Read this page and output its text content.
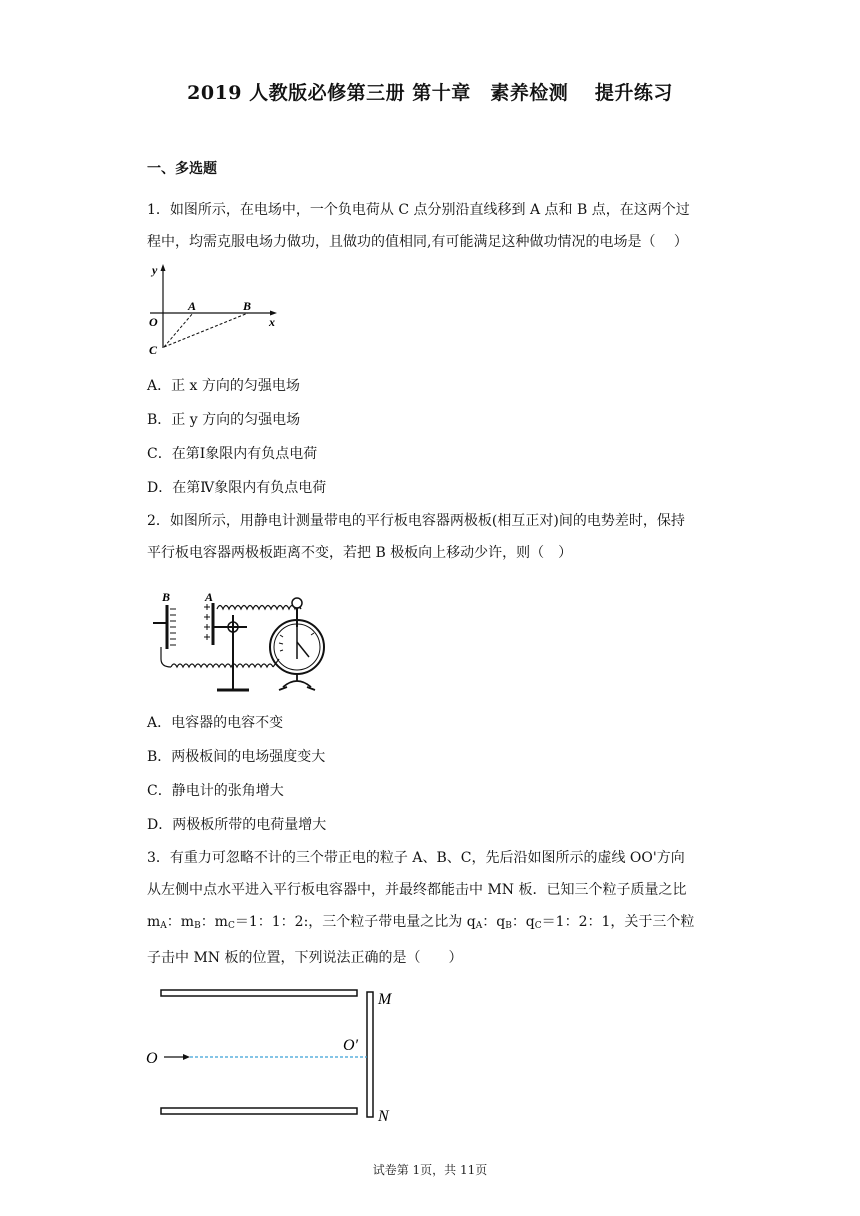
2019 人教版必修第三册 第十章　素养检测　 提升练习
一、多选题
1．如图所示，在电场中，一个负电荷从 C 点分别沿直线移到 A 点和 B 点，在这两个过
程中，均需克服电场力做功，且做功的值相同,有可能满足这种做功情况的电场是（　 ）
y
O
A	B
x
C
A．正 x 方向的匀强电场
B．正 y 方向的匀强电场
C．在第Ⅰ象限内有负点电荷
D．在第Ⅳ象限内有负点电荷
2．如图所示，用静电计测量带电的平行板电容器两极板(相互正对)间的电势差时，保持
平行板电容器两极板距离不变，若把 B 极板向上移动少许，则（　）
B	A
A．电容器的电容不变
B．两极板间的电场强度变大
C．静电计的张角增大
D．两极板所带的电荷量增大
3．有重力可忽略不计的三个带正电的粒子 A、B、C，先后沿如图所示的虚线 OO'方向
从左侧中点水平进入平行板电容器中，并最终都能击中 MN 板．已知三个粒子质量之比
$m_A$：$m_B$：$m_C=1$：1：2:，三个粒子带电量之比为 $q_A$：$q_B$：$q_C=1$：2：1，关于三个粒
子击中 MN 板的位置，下列说法正确的是（　　）
M
O
O′
N
试卷第 1页，共 11页
